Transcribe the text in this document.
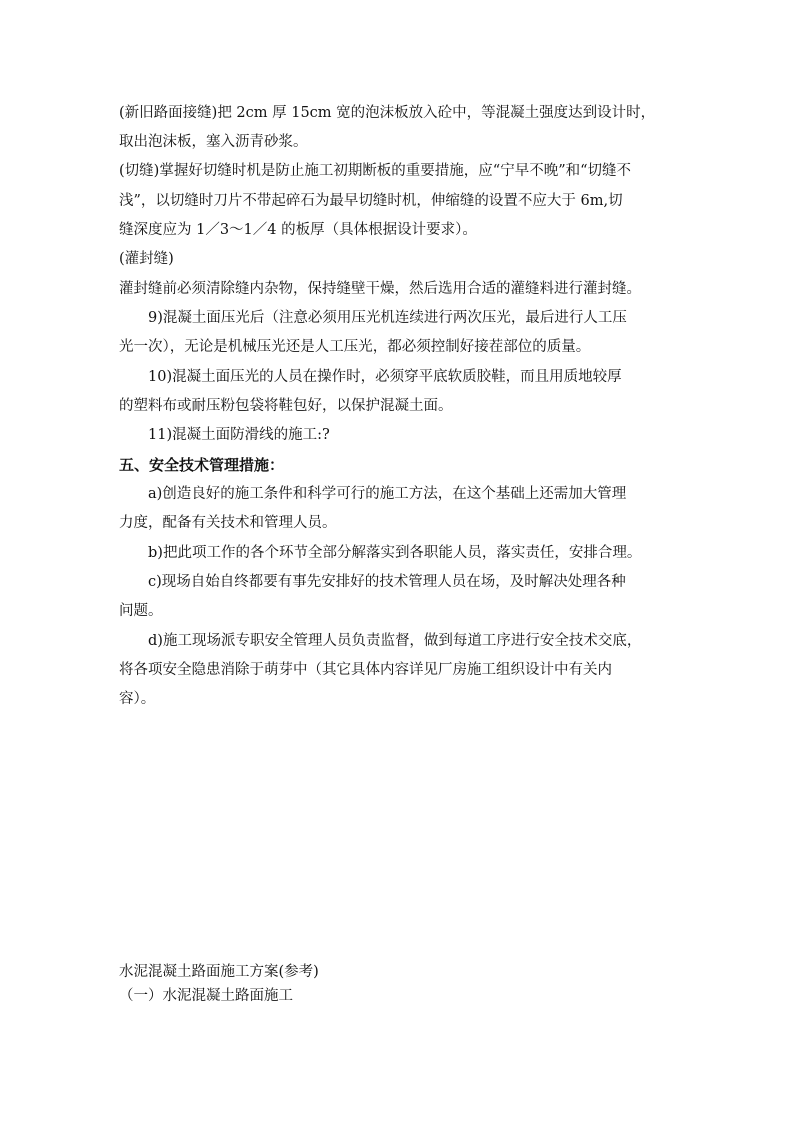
(新旧路面接缝)把 2cm 厚 15cm 宽的泡沫板放入砼中，等混凝土强度达到设计时，
取出泡沫板，塞入沥青砂浆。
(切缝)掌握好切缝时机是防止施工初期断板的重要措施，应“宁早不晚”和“切缝不
浅”，以切缝时刀片不带起碎石为最早切缝时机，伸缩缝的设置不应大于 6m,切
缝深度应为 1／3～1／4 的板厚（具体根据设计要求）。
(灌封缝)
灌封缝前必须清除缝内杂物，保持缝壁干燥，然后选用合适的灌缝料进行灌封缝。
9)混凝土面压光后（注意必须用压光机连续进行两次压光，最后进行人工压
光一次），无论是机械压光还是人工压光，都必须控制好接茬部位的质量。
10)混凝土面压光的人员在操作时，必须穿平底软质胶鞋，而且用质地较厚
的塑料布或耐压粉包袋将鞋包好，以保护混凝土面。
11)混凝土面防滑线的施工:?
五、安全技术管理措施：
a)创造良好的施工条件和科学可行的施工方法，在这个基础上还需加大管理
力度，配备有关技术和管理人员。
b)把此项工作的各个环节全部分解落实到各职能人员，落实责任，安排合理。
c)现场自始自终都要有事先安排好的技术管理人员在场，及时解决处理各种
问题。
d)施工现场派专职安全管理人员负责监督，做到每道工序进行安全技术交底，
将各项安全隐患消除于萌芽中（其它具体内容详见厂房施工组织设计中有关内
容）。
水泥混凝土路面施工方案(参考)
（一）水泥混凝土路面施工
